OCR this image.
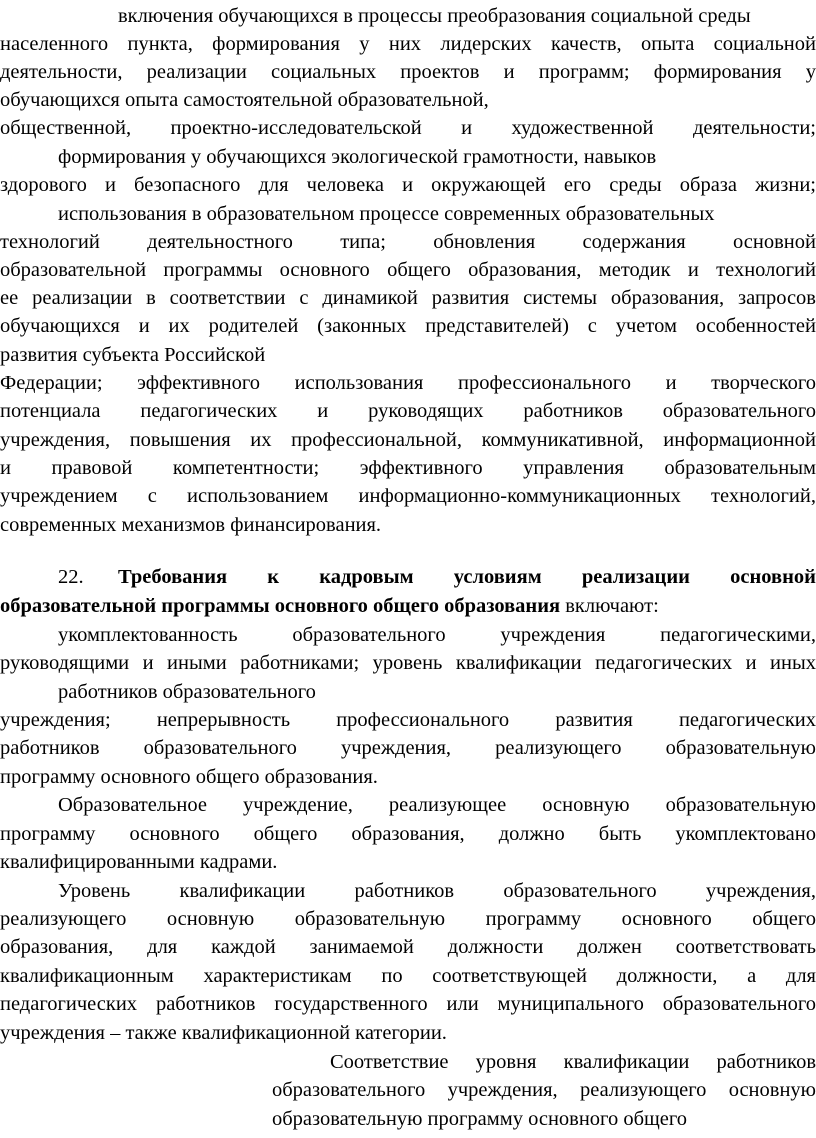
включения обучающихся в процессы преобразования социальной среды
населенного пункта, формирования у них лидерских качеств, опыта социальной
деятельности, реализации социальных проектов и программ; формирования у
обучающихся опыта самостоятельной образовательной,
общественной, проектно-исследовательской и художественной деятельности;
формирования у обучающихся экологической грамотности, навыков
здорового и безопасного для человека и окружающей его среды образа жизни;
использования в образовательном процессе современных образовательных
технологий деятельностного типа; обновления содержания основной
образовательной программы основного общего образования, методик и технологий
ее реализации в соответствии с динамикой развития системы образования, запросов
обучающихся и их родителей (законных представителей) с учетом особенностей
развития субъекта Российской
Федерации; эффективного использования профессионального и творческого
потенциала педагогических и руководящих работников образовательного
учреждения, повышения их профессиональной, коммуникативной, информационной
и правовой компетентности; эффективного управления образовательным
учреждением с использованием информационно-коммуникационных технологий,
современных механизмов финансирования.
22. Требования к кадровым условиям реализации основной
образовательной программы основного общего образования включают:
укомплектованность образовательного учреждения педагогическими,
руководящими и иными работниками; уровень квалификации педагогических и иных
работников образовательного
учреждения; непрерывность профессионального развития педагогических
работников образовательного учреждения, реализующего образовательную
программу основного общего образования.
Образовательное учреждение, реализующее основную образовательную
программу основного общего образования, должно быть укомплектовано
квалифицированными кадрами.
Уровень квалификации работников образовательного учреждения,
реализующего основную образовательную программу основного общего
образования, для каждой занимаемой должности должен соответствовать
квалификационным характеристикам по соответствующей должности, а для
педагогических работников государственного или муниципального образовательного
учреждения – также квалификационной категории.
Соответствие уровня квалификации работников
образовательного учреждения, реализующего основную
образовательную программу основного общего
